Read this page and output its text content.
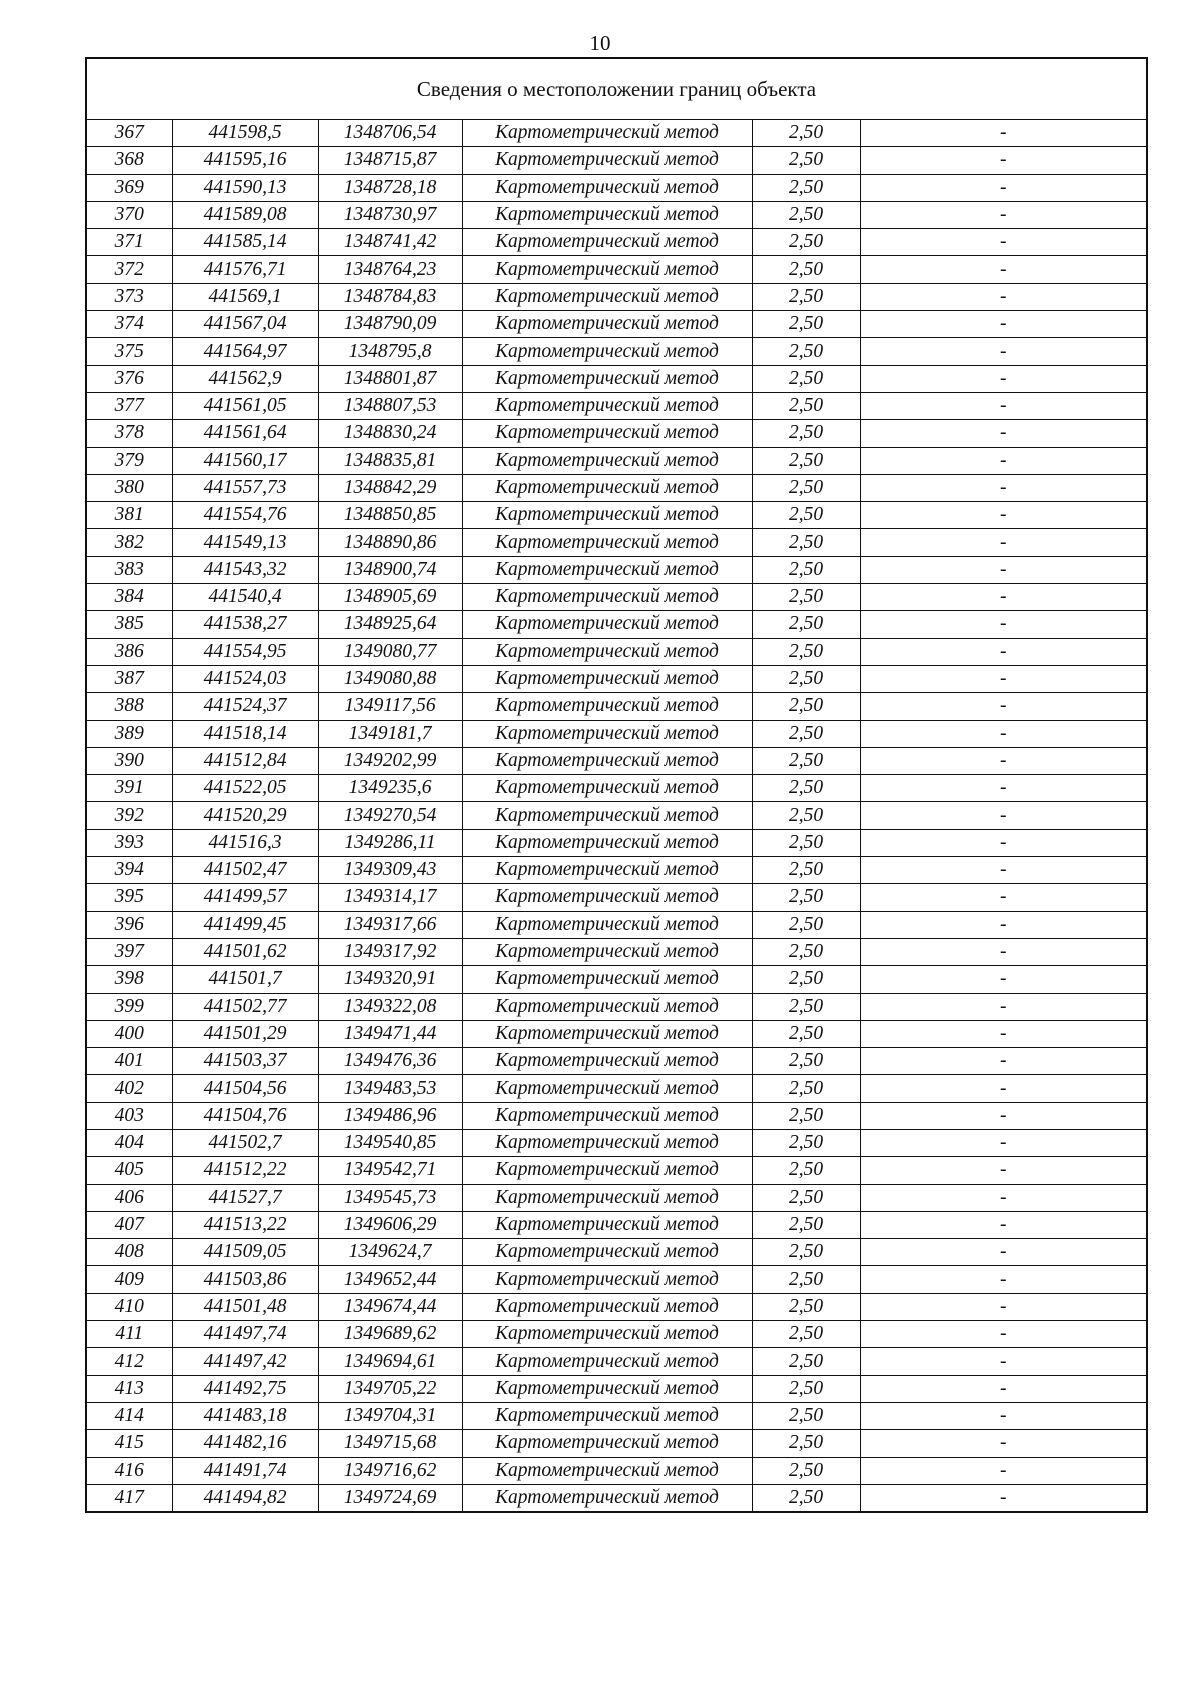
10
Сведения о местоположении границ объекта					
367	441598,5	1348706,54	Картометрический метод	2,50	-
368	441595,16	1348715,87	Картометрический метод	2,50	-
369	441590,13	1348728,18	Картометрический метод	2,50	-
370	441589,08	1348730,97	Картометрический метод	2,50	-
371	441585,14	1348741,42	Картометрический метод	2,50	-
372	441576,71	1348764,23	Картометрический метод	2,50	-
373	441569,1	1348784,83	Картометрический метод	2,50	-
374	441567,04	1348790,09	Картометрический метод	2,50	-
375	441564,97	1348795,8	Картометрический метод	2,50	-
376	441562,9	1348801,87	Картометрический метод	2,50	-
377	441561,05	1348807,53	Картометрический метод	2,50	-
378	441561,64	1348830,24	Картометрический метод	2,50	-
379	441560,17	1348835,81	Картометрический метод	2,50	-
380	441557,73	1348842,29	Картометрический метод	2,50	-
381	441554,76	1348850,85	Картометрический метод	2,50	-
382	441549,13	1348890,86	Картометрический метод	2,50	-
383	441543,32	1348900,74	Картометрический метод	2,50	-
384	441540,4	1348905,69	Картометрический метод	2,50	-
385	441538,27	1348925,64	Картометрический метод	2,50	-
386	441554,95	1349080,77	Картометрический метод	2,50	-
387	441524,03	1349080,88	Картометрический метод	2,50	-
388	441524,37	1349117,56	Картометрический метод	2,50	-
389	441518,14	1349181,7	Картометрический метод	2,50	-
390	441512,84	1349202,99	Картометрический метод	2,50	-
391	441522,05	1349235,6	Картометрический метод	2,50	-
392	441520,29	1349270,54	Картометрический метод	2,50	-
393	441516,3	1349286,11	Картометрический метод	2,50	-
394	441502,47	1349309,43	Картометрический метод	2,50	-
395	441499,57	1349314,17	Картометрический метод	2,50	-
396	441499,45	1349317,66	Картометрический метод	2,50	-
397	441501,62	1349317,92	Картометрический метод	2,50	-
398	441501,7	1349320,91	Картометрический метод	2,50	-
399	441502,77	1349322,08	Картометрический метод	2,50	-
400	441501,29	1349471,44	Картометрический метод	2,50	-
401	441503,37	1349476,36	Картометрический метод	2,50	-
402	441504,56	1349483,53	Картометрический метод	2,50	-
403	441504,76	1349486,96	Картометрический метод	2,50	-
404	441502,7	1349540,85	Картометрический метод	2,50	-
405	441512,22	1349542,71	Картометрический метод	2,50	-
406	441527,7	1349545,73	Картометрический метод	2,50	-
407	441513,22	1349606,29	Картометрический метод	2,50	-
408	441509,05	1349624,7	Картометрический метод	2,50	-
409	441503,86	1349652,44	Картометрический метод	2,50	-
410	441501,48	1349674,44	Картометрический метод	2,50	-
411	441497,74	1349689,62	Картометрический метод	2,50	-
412	441497,42	1349694,61	Картометрический метод	2,50	-
413	441492,75	1349705,22	Картометрический метод	2,50	-
414	441483,18	1349704,31	Картометрический метод	2,50	-
415	441482,16	1349715,68	Картометрический метод	2,50	-
416	441491,74	1349716,62	Картометрический метод	2,50	-
417	441494,82	1349724,69	Картометрический метод	2,50	-
